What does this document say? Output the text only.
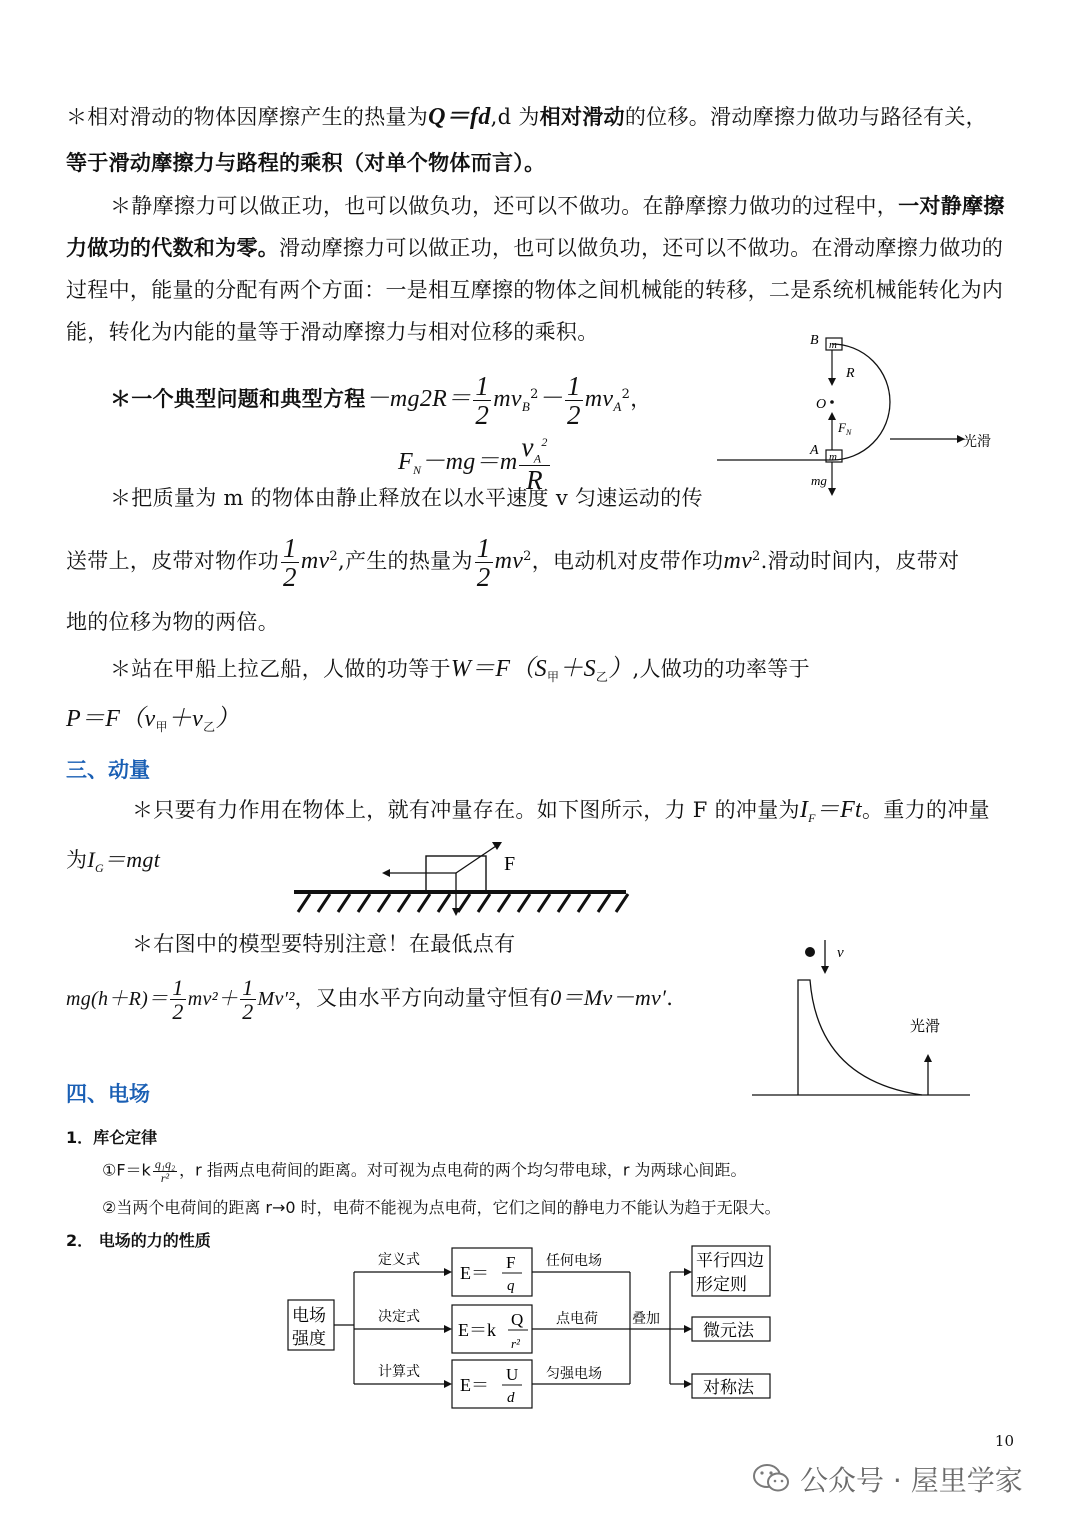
＊相对滑动的物体因摩擦产生的热量为Q＝fd,d 为相对滑动的位移。滑动摩擦力做功与路径有关，
等于滑动摩擦力与路程的乘积（对单个物体而言）。
＊静摩擦力可以做正功，也可以做负功，还可以不做功。在静摩擦力做功的过程中，一对静摩擦
力做功的代数和为零。滑动摩擦力可以做正功，也可以做负功，还可以不做功。在滑动摩擦力做功的
过程中，能量的分配有两个方面：一是相互摩擦的物体之间机械能的转移，二是系统机械能转化为内
能，转化为内能的量等于滑动摩擦力与相对位移的乘积。
＊一个典型问题和典型方程$-mg2R= \frac{1}{2} mv_B^2- \frac{1}{2} mv_A^2$，
$F_N-mg=m \frac{v_A^2}{R}$
B m
R
O
$F_N$
A m
mg
光滑
＊把质量为 m 的物体由静止释放在以水平速度 v 匀速运动的传
送带上，皮带对物作功 $\frac{1}{2} mv^2$,产生的热量为 $\frac{1}{2} mv^2$，电动机对皮带作功$mv^2$.滑动时间内，皮带对
地的位移为物的两倍。
＊站在甲船上拉乙船，人做的功等于$W=F(S_甲+S_乙)$,人做功的功率等于
$P=F(v_甲+v_乙)$
三、动量
＊只要有力作用在物体上，就有冲量存在。如下图所示，力 F 的冲量为$I_F=Ft$。重力的冲量
为$I_G=mgt$	F
＊右图中的模型要特别注意！在最低点有
$mg(h+R)= \frac{1}{2} mv^2+ \frac{1}{2} Mv'^2$，又由水平方向动量守恒有0＝Mv－mv′.
v
光滑
四、电场
1．库仑定律
①F＝k $\frac{\text{q₁q₂}}{\text{r²}}$ ，r 指两点电荷间的距离。对可视为点电荷的两个均匀带电球，r 为两球心间距。
②当两个电荷间的距离 r→0 时，电荷不能视为点电荷，它们之间的静电力不能认为趋于无限大。
2． 电场的力的性质
电场
强度
定义式
决定式
计算式
E＝
F
q
E＝k
Q
r²
E＝
U
d
任何电场
点电荷
匀强电场
叠加
平行四边
形定则
微元法
对称法
10
公众号 · 屋里学家
